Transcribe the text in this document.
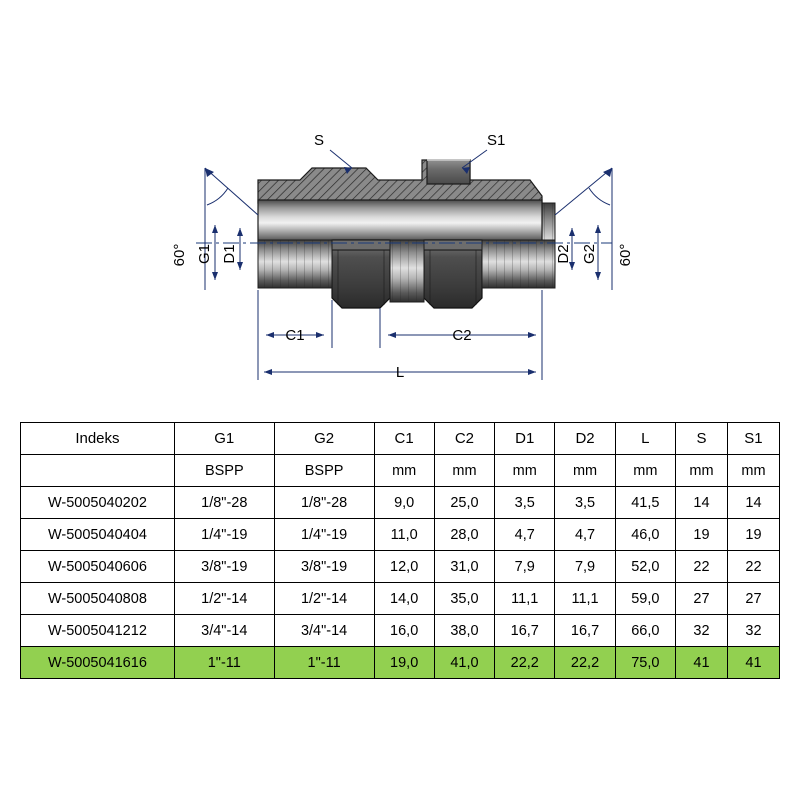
S	S1
60°	60°
G1 D1	D2 G2
C1	C2
L
Indeks	G1	G2	C1	C2	D1	D2	L	S	S1
	BSPP	BSPP	mm	mm	mm	mm	mm	mm	mm
W-5005040202	1/8"-28	1/8"-28	9,0	25,0	3,5	3,5	41,5	14	14
W-5005040404	1/4"-19	1/4"-19	11,0	28,0	4,7	4,7	46,0	19	19
W-5005040606	3/8"-19	3/8"-19	12,0	31,0	7,9	7,9	52,0	22	22
W-5005040808	1/2"-14	1/2"-14	14,0	35,0	11,1	11,1	59,0	27	27
W-5005041212	3/4"-14	3/4"-14	16,0	38,0	16,7	16,7	66,0	32	32
W-5005041616	1"-11	1"-11	19,0	41,0	22,2	22,2	75,0	41	41
